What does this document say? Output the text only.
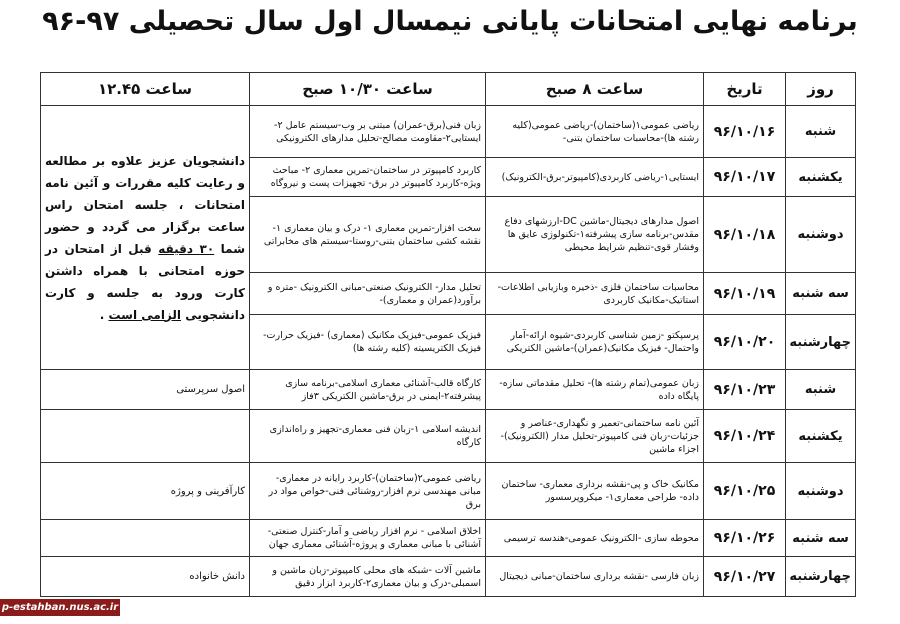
برنامه نهایی امتحانات پایانی نیمسال اول سال تحصیلی ۹۷-۹۶
روز	تاریخ	ساعت ۸ صبح	ساعت ۱۰/۳۰ صبح	ساعت ۱۲.۴۵
شنبه	۹۶/۱۰/۱۶	ریاضی عمومی۱(ساختمان)-ریاضی عمومی(کلیه رشته ها)-محاسبات ساختمان بتنی-	زبان فنی(برق-عمران) مبتنی بر وب-سیستم عامل ۲-ایستایی۲-مقاومت مصالح-تحلیل مدارهای الکترونیکی	دانشجویان عزیز علاوه بر مطالعه و رعایت کلیه مقررات و آئین نامه امتحانات ، جلسه امتحان راس ساعت برگزار می گردد و حضور شما ۳۰ دقیقه قبل از امتحان در حوزه امتحانی با همراه داشتن کارت ورود به جلسه و کارت دانشجویی الزامی است .
یکشنبه	۹۶/۱۰/۱۷	ایستایی۱-ریاضی کاربردی(کامپیوتر-برق-الکترونیک)	کاربرد کامپیوتر در ساختمان-تمرین معماری ۲- مباحث ویژه-کاربرد کامپیوتر در برق- تجهیزات پست و نیروگاه	
دوشنبه	۹۶/۱۰/۱۸	اصول مدارهای دیجیتال-ماشین DC-ارزشهای دفاع مقدس-برنامه سازی پیشرفته۱-تکنولوژی عایق ها وفشار قوی-تنظیم شرایط محیطی	سخت افزار-تمرین معماری ۱- درک و بیان معماری ۱-نقشه کشی ساختمان بتنی-روستا-سیستم های مخابراتی	
سه شنبه	۹۶/۱۰/۱۹	محاسبات ساختمان فلزی -ذخیره وبازیابی اطلاعات-استاتیک-مکانیک کاربردی	تحلیل مدار- الکترونیک صنعتی-مبانی الکترونیک -متره و برآورد(عمران و معماری)-	
چهارشنبه	۹۶/۱۰/۲۰	پرسپکتو -زمین شناسی کاربردی-شیوه ارائه-آمار واحتمال- فیزیک مکانیک(عمران)-ماشین الکتریکی	فیزیک عمومی-فیزیک مکانیک (معماری) -فیزیک حرارت- فیزیک الکتریسیته (کلیه رشته ها)	
شنبه	۹۶/۱۰/۲۳	زبان عمومی(تمام رشته ها)- تحلیل مقدماتی سازه-پایگاه داده	کارگاه قالب-آشنائی معماری اسلامی-برنامه سازی پیشرفته۲-ایمنی در برق-ماشین الکتریکی ۳فاز	اصول سرپرستی
یکشنبه	۹۶/۱۰/۲۴	آئین نامه ساختمانی-تعمیر و نگهداری-عناصر و جزئیات-زبان فنی کامپیوتر-تحلیل مدار (الکترونیک)-اجزاء ماشین	اندیشه اسلامی ۱-زبان فنی معماری-تجهیز و راه‌اندازی کارگاه	
دوشنبه	۹۶/۱۰/۲۵	مکانیک خاک و پی-نقشه برداری معماری- ساختمان داده- طراحی معماری۱- میکروپرسسور	ریاضی عمومی۲(ساختمان)-کاربرد رایانه در معماری- مبانی مهندسی نرم افزار-روشنائی فنی-خواص مواد در برق	کارآفرینی و پروژه
سه شنبه	۹۶/۱۰/۲۶	محوطه سازی -الکترونیک عمومی-هندسه ترسیمی	اخلاق اسلامی - نرم افزار ریاضی و آمار-کنترل صنعتی- آشنائی با مبانی معماری و پروژه-آشنائی معماری جهان	
چهارشنبه	۹۶/۱۰/۲۷	زبان فارسی -نقشه برداری ساختمان-مبانی دیجیتال	ماشین آلات -شبکه های محلی کامپیوتر-زبان ماشین و اسمبلی-درک و بیان معماری۲-کاربرد ابزار دقیق	دانش خانواده
p-estahban.nus.ac.ir
